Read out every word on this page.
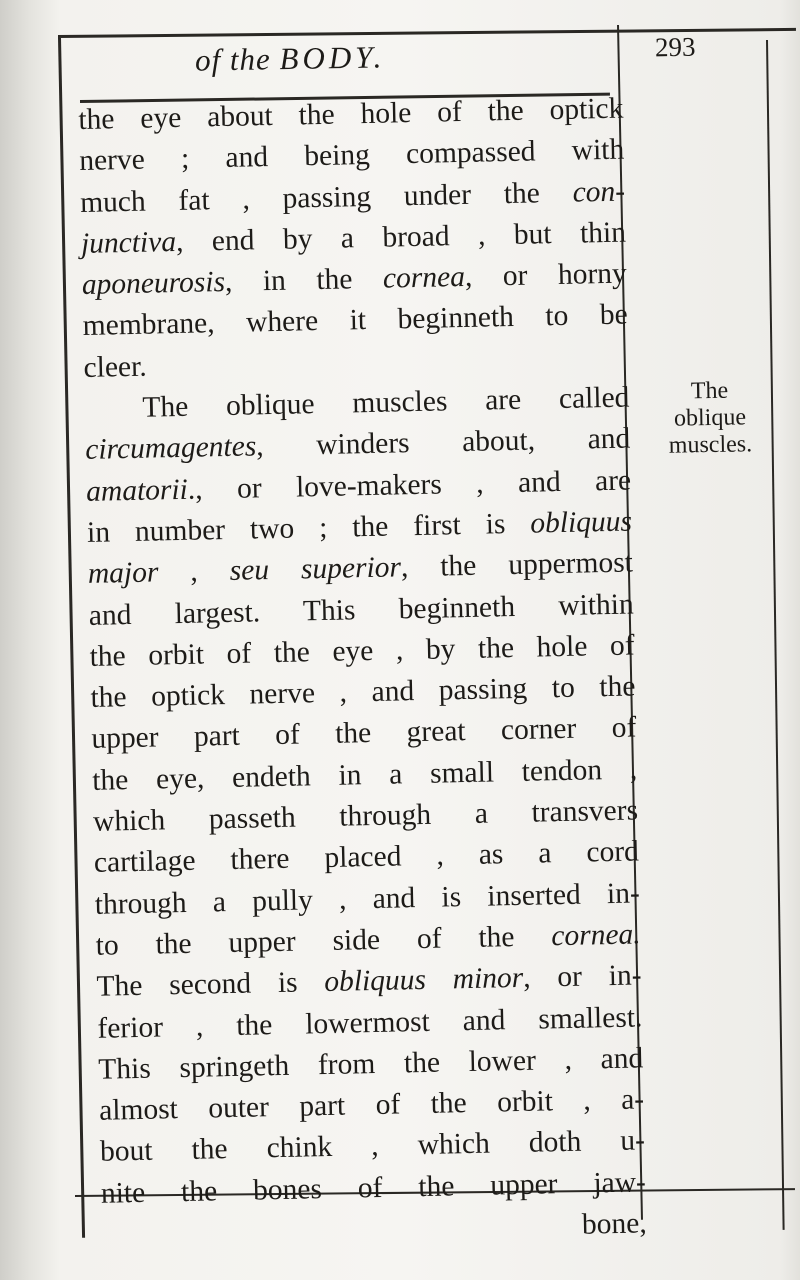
of the BODY.	293
the eye about the hole of the optick
nerve ; and being compassed with
much fat , passing under the con-
junctiva, end by a broad , but thin
aponeurosis, in the cornea, or horny
membrane, where it beginneth to be
cleer.
The oblique muscles are called
circumagentes, winders about, and
amatorii., or love-makers , and are
in number two ; the first is obliquus
major , seu superior, the uppermost
and largest. This beginneth within
the orbit of the eye , by the hole of
the optick nerve , and passing to the
upper part of the great corner of
the eye, endeth in a small tendon ,
which passeth through a transvers
cartilage there placed , as a cord
through a pully , and is inserted in-
to the upper side of the cornea.
The second is obliquus minor, or in-
ferior , the lowermost and smallest.
This springeth from the lower , and
almost outer part of the orbit , a-
bout the chink , which doth u-
nite the bones of the upper jaw-
bone,
The
oblique
muscles.
